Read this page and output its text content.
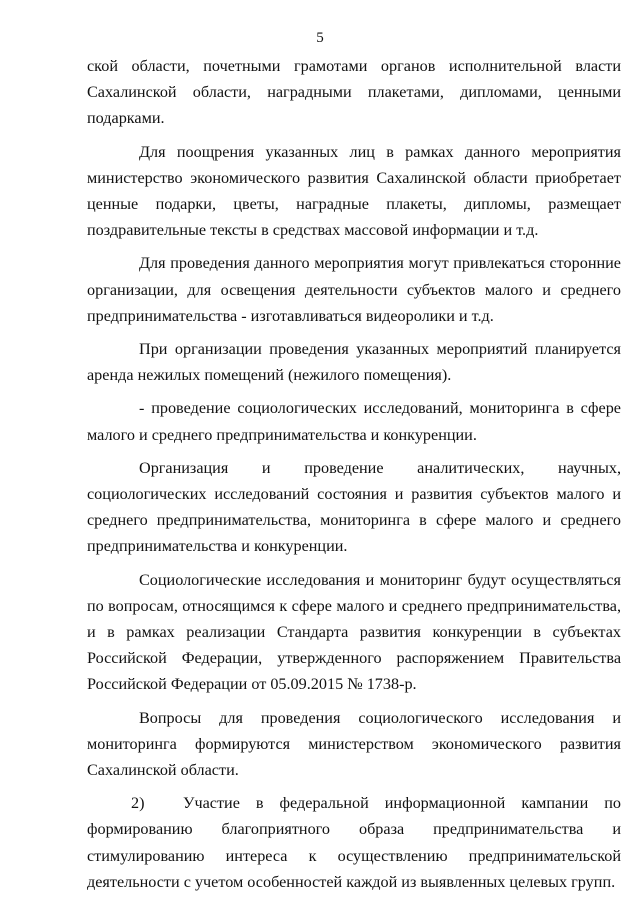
5

ской области, почетными грамотами органов исполнительной власти Сахалинской области, наградными плакетами, дипломами, ценными подарками.

Для поощрения указанных лиц в рамках данного мероприятия министерство экономического развития Сахалинской области приобретает ценные подарки, цветы, наградные плакеты, дипломы, размещает поздравительные тексты в средствах массовой информации и т.д.

Для проведения данного мероприятия могут привлекаться сторонние организации, для освещения деятельности субъектов малого и среднего предпринимательства - изготавливаться видеоролики и т.д.

При организации проведения указанных мероприятий планируется аренда нежилых помещений (нежилого помещения).

- проведение социологических исследований, мониторинга в сфере малого и среднего предпринимательства и конкуренции.

Организация и проведение аналитических, научных, социологических исследований состояния и развития субъектов малого и среднего предпринимательства, мониторинга в сфере малого и среднего предпринимательства и конкуренции.

Социологические исследования и мониторинг будут осуществляться по вопросам, относящимся к сфере малого и среднего предпринимательства, и в рамках реализации Стандарта развития конкуренции в субъектах Российской Федерации, утвержденного распоряжением Правительства Российской Федерации от 05.09.2015 № 1738-р.

Вопросы для проведения социологического исследования и мониторинга формируются министерством экономического развития Сахалинской области.

2) Участие в федеральной информационной кампании по формированию благоприятного образа предпринимательства и стимулированию интереса к осуществлению предпринимательской деятельности с учетом особенностей каждой из выявленных целевых групп.
